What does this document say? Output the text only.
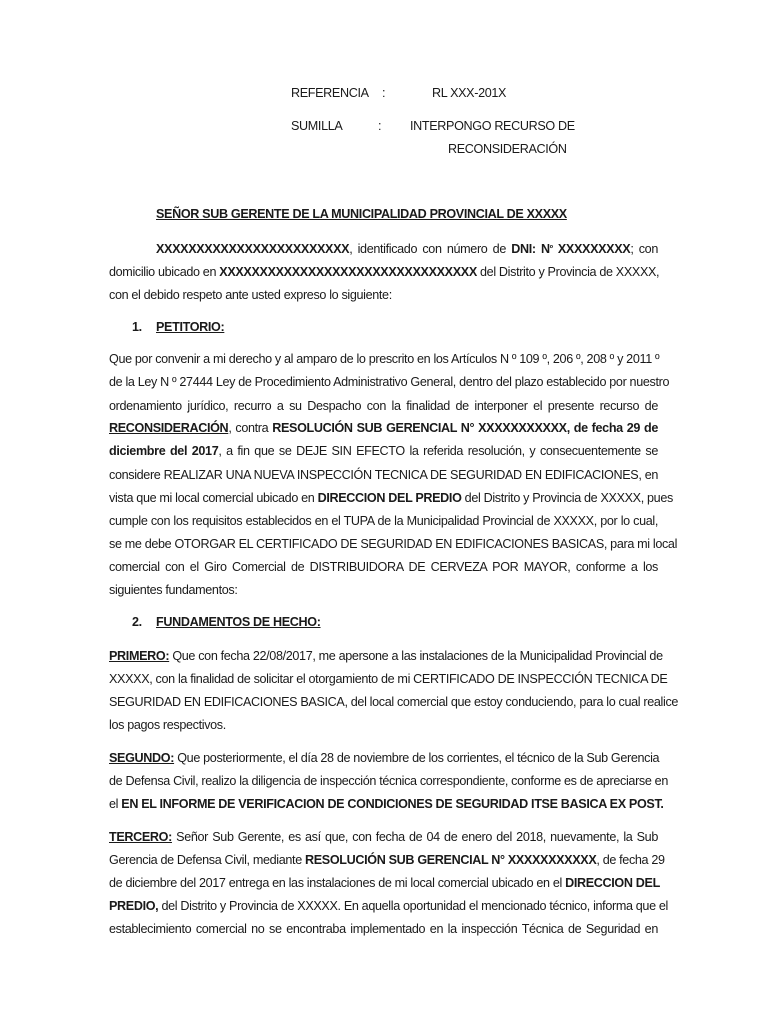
REFERENCIA :	RL XXX-201X
SUMILLA	: INTERPONGO RECURSO DE
RECONSIDERACIÓN
SEÑOR SUB GERENTE DE LA MUNICIPALIDAD PROVINCIAL DE XXXXX
XXXXXXXXXXXXXXXXXXXXXXXX, identificado con número de DNI: Nº XXXXXXXXX; con
domicilio ubicado en XXXXXXXXXXXXXXXXXXXXXXXXXXXXXXXX del Distrito y Provincia de XXXXX,
con el debido respeto ante usted expreso lo siguiente:
1. PETITORIO:
Que por convenir a mi derecho y al amparo de lo prescrito en los Artículos N º 109 º, 206 º, 208 º y 2011 º
de la Ley N º 27444 Ley de Procedimiento Administrativo General, dentro del plazo establecido por nuestro
ordenamiento jurídico, recurro a su Despacho con la finalidad de interponer el presente recurso de
RECONSIDERACIÓN, contra RESOLUCIÓN SUB GERENCIAL N° XXXXXXXXXXX, de fecha 29 de
diciembre del 2017, a fin que se DEJE SIN EFECTO la referida resolución, y consecuentemente se
considere REALIZAR UNA NUEVA INSPECCIÓN TECNICA DE SEGURIDAD EN EDIFICACIONES, en
vista que mi local comercial ubicado en DIRECCION DEL PREDIO del Distrito y Provincia de XXXXX, pues
cumple con los requisitos establecidos en el TUPA de la Municipalidad Provincial de XXXXX, por lo cual,
se me debe OTORGAR EL CERTIFICADO DE SEGURIDAD EN EDIFICACIONES BASICAS, para mi local
comercial con el Giro Comercial de DISTRIBUIDORA DE CERVEZA POR MAYOR, conforme a los
siguientes fundamentos:
2. FUNDAMENTOS DE HECHO:
PRIMERO: Que con fecha 22/08/2017, me apersone a las instalaciones de la Municipalidad Provincial de
XXXXX, con la finalidad de solicitar el otorgamiento de mi CERTIFICADO DE INSPECCIÓN TECNICA DE
SEGURIDAD EN EDIFICACIONES BASICA, del local comercial que estoy conduciendo, para lo cual realice
los pagos respectivos.
SEGUNDO: Que posteriormente, el día 28 de noviembre de los corrientes, el técnico de la Sub Gerencia
de Defensa Civil, realizo la diligencia de inspección técnica correspondiente, conforme es de apreciarse en
el EN EL INFORME DE VERIFICACION DE CONDICIONES DE SEGURIDAD ITSE BASICA EX POST.
TERCERO: Señor Sub Gerente, es así que, con fecha de 04 de enero del 2018, nuevamente, la Sub
Gerencia de Defensa Civil, mediante RESOLUCIÓN SUB GERENCIAL N° XXXXXXXXXXX, de fecha 29
de diciembre del 2017 entrega en las instalaciones de mi local comercial ubicado en el DIRECCION DEL
PREDIO, del Distrito y Provincia de XXXXX. En aquella oportunidad el mencionado técnico, informa que el
establecimiento comercial no se encontraba implementado en la inspección Técnica de Seguridad en
